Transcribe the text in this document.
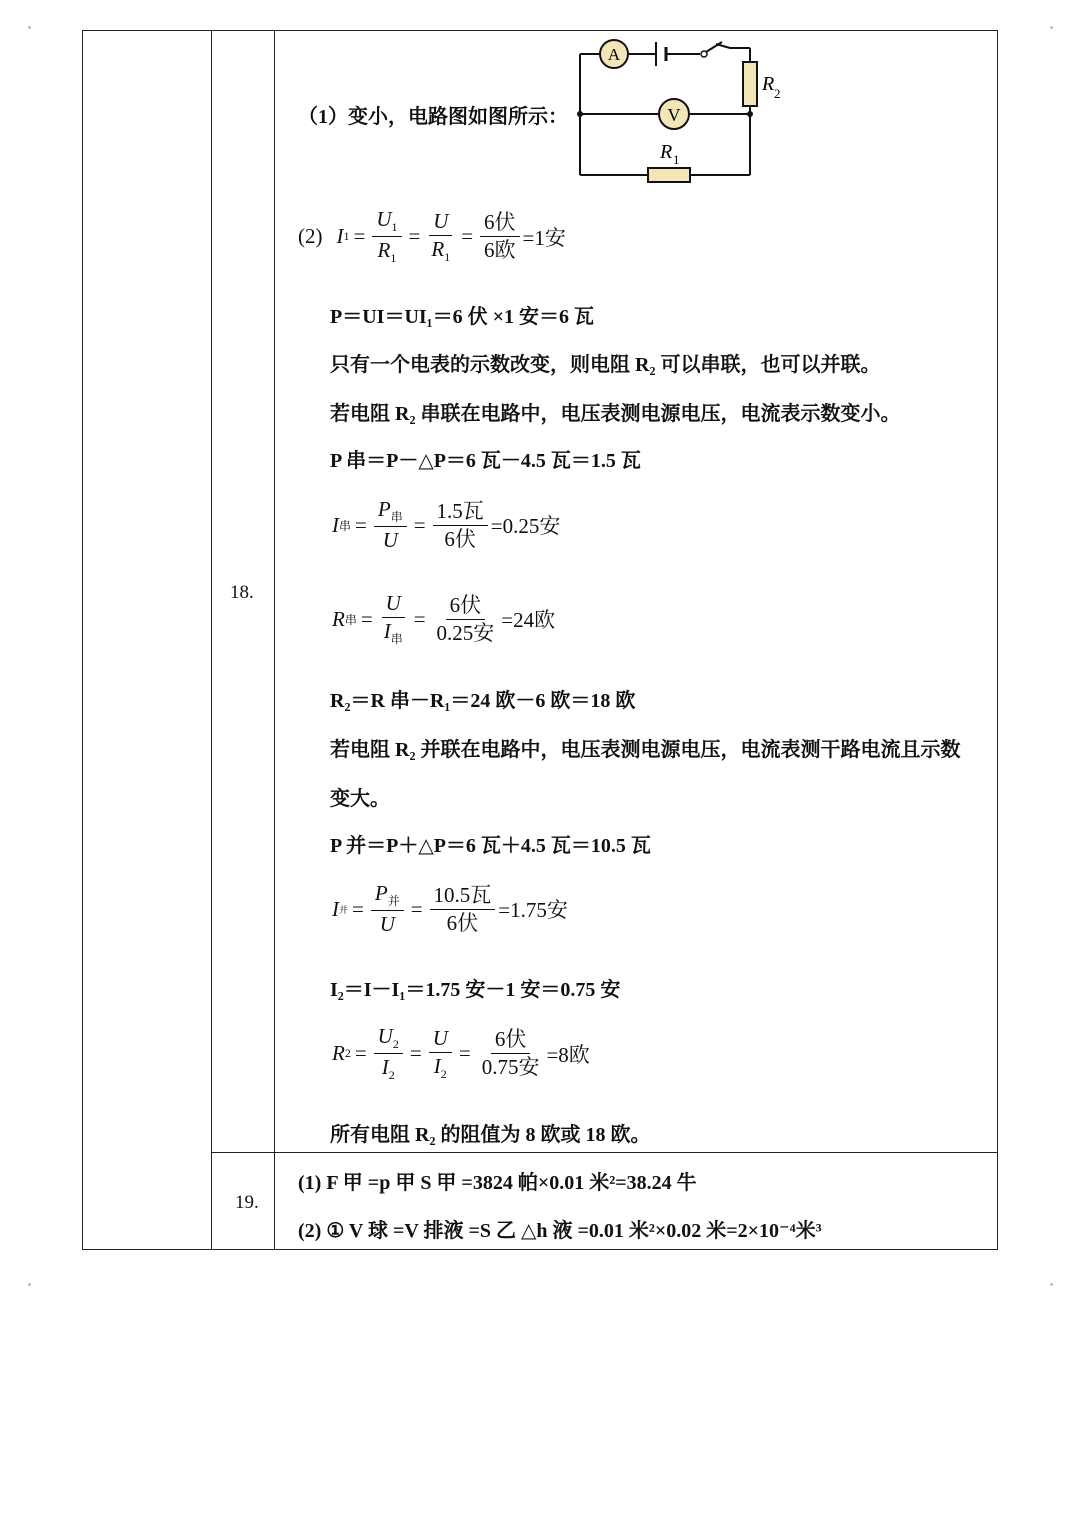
18.
19.
（1）变小，电路图如图所示：
A
R 2
V
R 1
(2) I $1 = \frac{U_1}{R_1} = \frac{U}{R_1} = \frac{\text{6伏}}{\text{6欧}} =1$安
P＝UI＝UI₁＝6 伏 ×1 安＝6 瓦
只有一个电表的示数改变，则电阻 R₂ 可以串联，也可以并联。
若电阻 R₂ 串联在电路中，电压表测电源电压，电流表示数变小。
P 串＝P－△P＝6 瓦－4.5 瓦＝1.5 瓦
I 串 = $\frac{P_串}{U} = \frac{\text{1.5瓦}}{\text{6伏}} =0.25$安
R 串 = $\frac{U}{I_串} = \frac{\text{6伏}}{\text{0.25安}} =24$欧
R₂＝R 串－R₁＝24 欧－6 欧＝18 欧
若电阻 R₂ 并联在电路中，电压表测电源电压，电流表测干路电流且示数
变大。
P 并＝P＋△P＝6 瓦＋4.5 瓦＝10.5 瓦
I 并 = $\frac{P_并}{U} = \frac{\text{10.5瓦}}{\text{6伏}} =1.75$安
I₂＝I－I₁＝1.75 安－1 安＝0.75 安
R $2 = \frac{U_2}{I_2} = \frac{U}{I_2} = \frac{\text{6伏}}{\text{0.75安}} =8$欧
所有电阻 R₂ 的阻值为 8 欧或 18 欧。
(1) F 甲 =p 甲 S 甲 =3824 帕×0.01 米²=38.24 牛
(2) ① V 球 =V 排液 =S 乙 △h 液 =0.01 米²×0.02 米=2×10⁻⁴米³
